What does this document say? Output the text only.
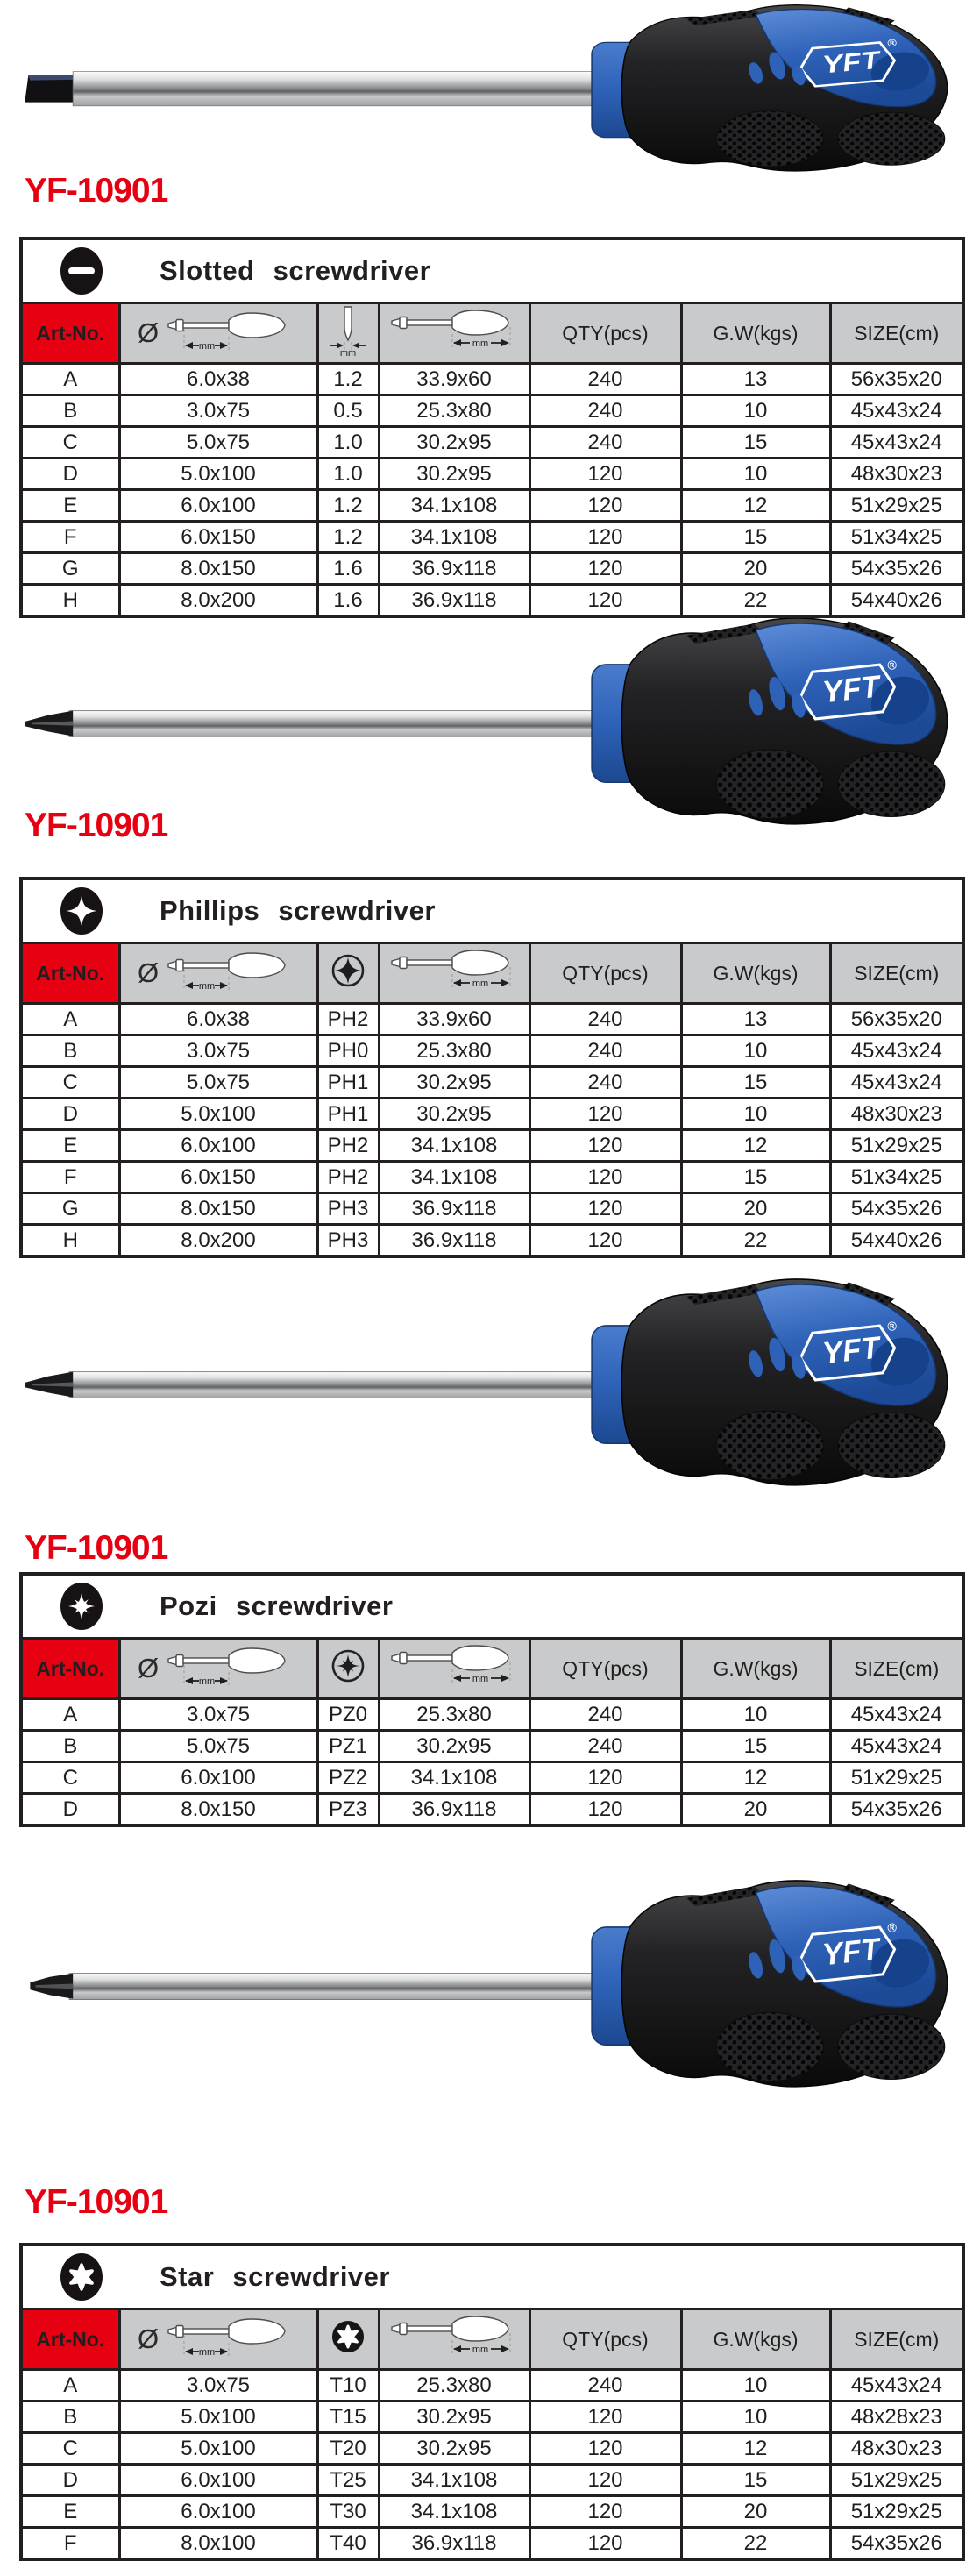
YF-10901
YF-10901
YF-10901
YF-10901
Slotted screwdriver						

Art-No.	Ø mm	mm	mm	QTY(pcs)	G.W(kgs)	SIZE(cm)
A	6.0x38	1.2	33.9x60	240	13	56x35x20
B	3.0x75	0.5	25.3x80	240	10	45x43x24
C	5.0x75	1.0	30.2x95	240	15	45x43x24
D	5.0x100	1.0	30.2x95	120	10	48x30x23
E	6.0x100	1.2	34.1x108	120	12	51x29x25
F	6.0x150	1.2	34.1x108	120	15	51x34x25
G	8.0x150	1.6	36.9x118	120	20	54x35x26
H	8.0x200	1.6	36.9x118	120	22	54x40x26
Phillips screwdriver						

Art-No.	Ø mm		mm	QTY(pcs)	G.W(kgs)	SIZE(cm)
A	6.0x38	PH2	33.9x60	240	13	56x35x20
B	3.0x75	PH0	25.3x80	240	10	45x43x24
C	5.0x75	PH1	30.2x95	240	15	45x43x24
D	5.0x100	PH1	30.2x95	120	10	48x30x23
E	6.0x100	PH2	34.1x108	120	12	51x29x25
F	6.0x150	PH2	34.1x108	120	15	51x34x25
G	8.0x150	PH3	36.9x118	120	20	54x35x26
H	8.0x200	PH3	36.9x118	120	22	54x40x26
Pozi screwdriver						

Art-No.	Ø mm		mm	QTY(pcs)	G.W(kgs)	SIZE(cm)
A	3.0x75	PZ0	25.3x80	240	10	45x43x24
B	5.0x75	PZ1	30.2x95	240	15	45x43x24
C	6.0x100	PZ2	34.1x108	120	12	51x29x25
D	8.0x150	PZ3	36.9x118	120	20	54x35x26
Star screwdriver						

Art-No.	Ø mm		mm	QTY(pcs)	G.W(kgs)	SIZE(cm)
A	3.0x75	T10	25.3x80	240	10	45x43x24
B	5.0x100	T15	30.2x95	120	10	48x28x23
C	5.0x100	T20	30.2x95	120	12	48x30x23
D	6.0x100	T25	34.1x108	120	15	51x29x25
E	6.0x100	T30	34.1x108	120	20	51x29x25
F	8.0x100	T40	36.9x118	120	22	54x35x26
